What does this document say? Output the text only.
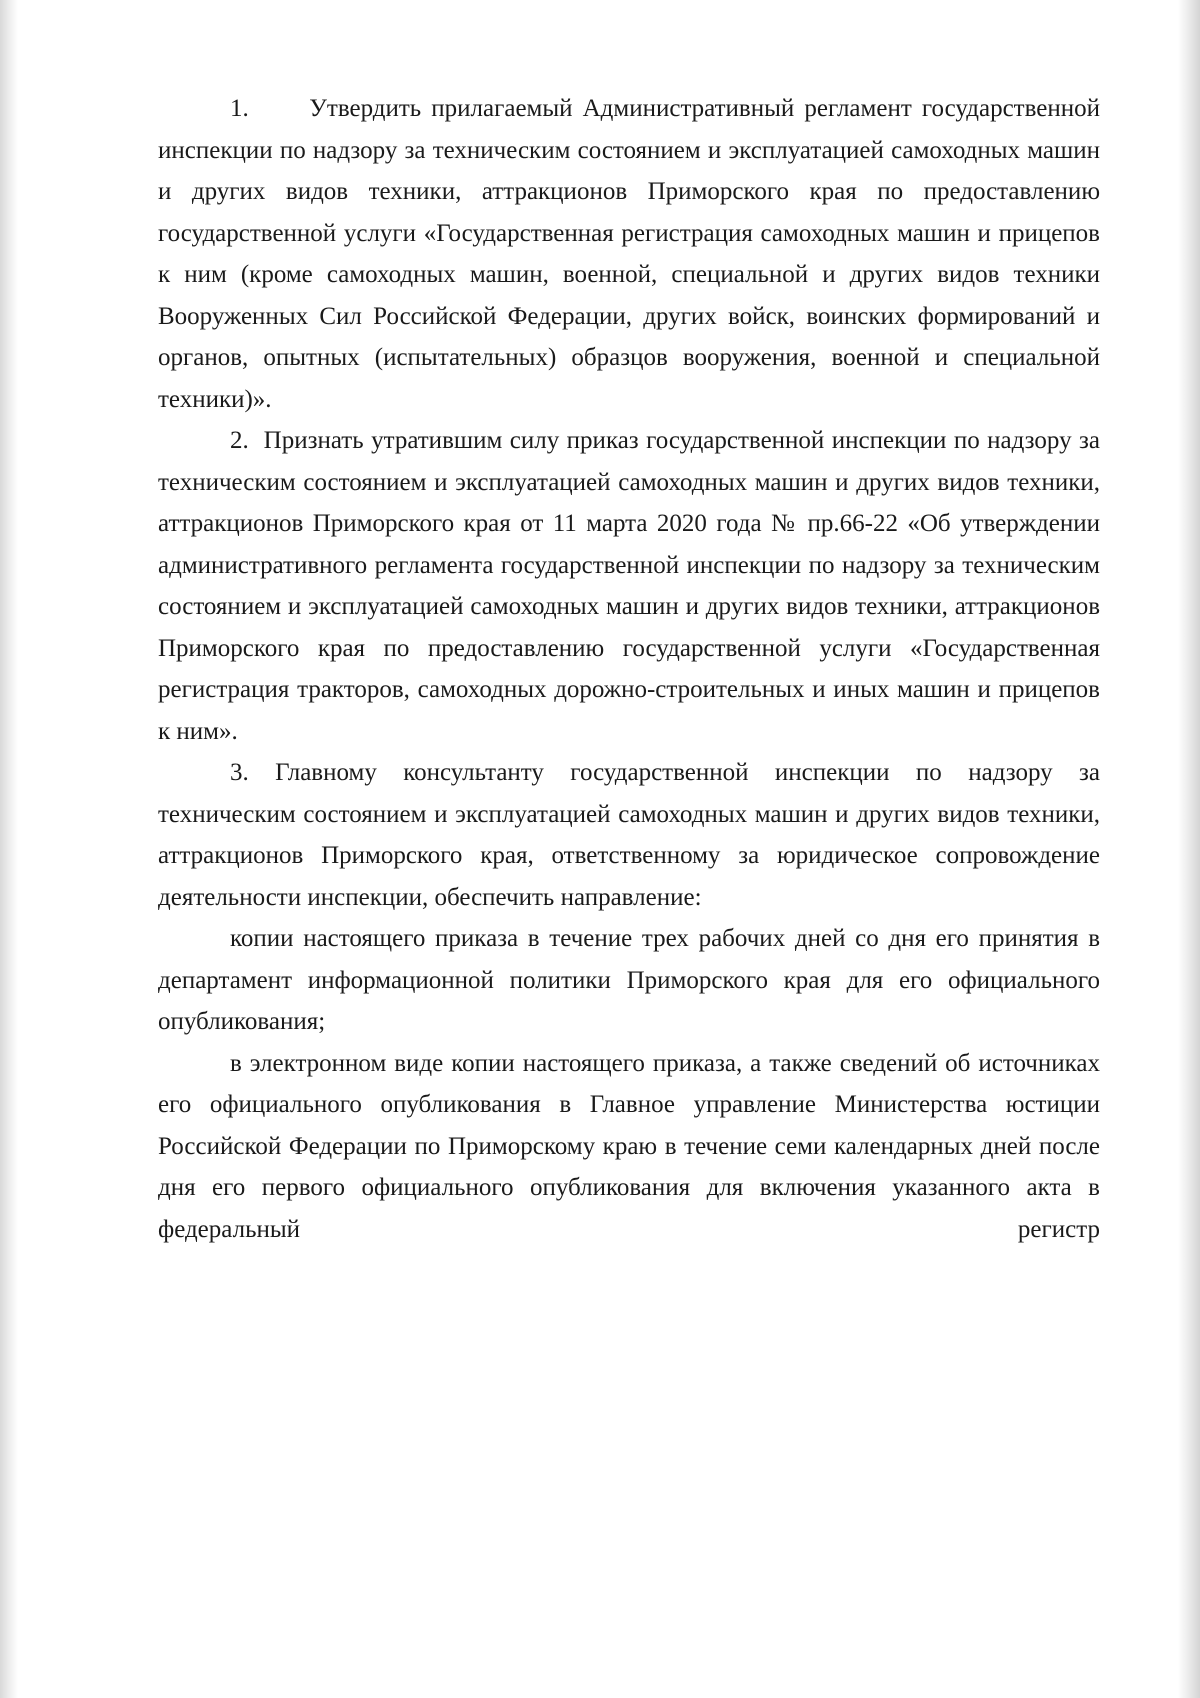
1.      Утвердить прилагаемый Административный регламент государственной инспекции по надзору за техническим состоянием и эксплуатацией самоходных машин и других видов техники, аттракционов Приморского края по предоставлению государственной услуги «Государственная регистрация самоходных машин и прицепов к ним (кроме самоходных машин, военной, специальной и других видов техники Вооруженных Сил Российской Федерации, других войск, воинских формирований и органов, опытных (испытательных) образцов вооружения, военной и специальной техники)».

2.  Признать утратившим силу приказ государственной инспекции по надзору за техническим состоянием и эксплуатацией самоходных машин и других видов техники, аттракционов Приморского края от 11 марта 2020 года № пр.66-22 «Об утверждении административного регламента государственной инспекции по надзору за техническим состоянием и эксплуатацией самоходных машин и других видов техники, аттракционов Приморского края по предоставлению государственной услуги «Государственная регистрация тракторов, самоходных дорожно-строительных и иных машин и прицепов к ним».

3. Главному консультанту государственной инспекции по надзору за техническим состоянием и эксплуатацией самоходных машин и других видов техники, аттракционов Приморского края, ответственному за юридическое сопровождение деятельности инспекции, обеспечить направление:

копии настоящего приказа в течение трех рабочих дней со дня его принятия в департамент информационной политики Приморского края для его официального опубликования;

в электронном виде копии настоящего приказа, а также сведений об источниках его официального опубликования в Главное управление Министерства юстиции Российской Федерации по Приморскому краю в течение семи календарных дней после дня его первого официального опубликования для включения указанного акта в федеральный регистр
